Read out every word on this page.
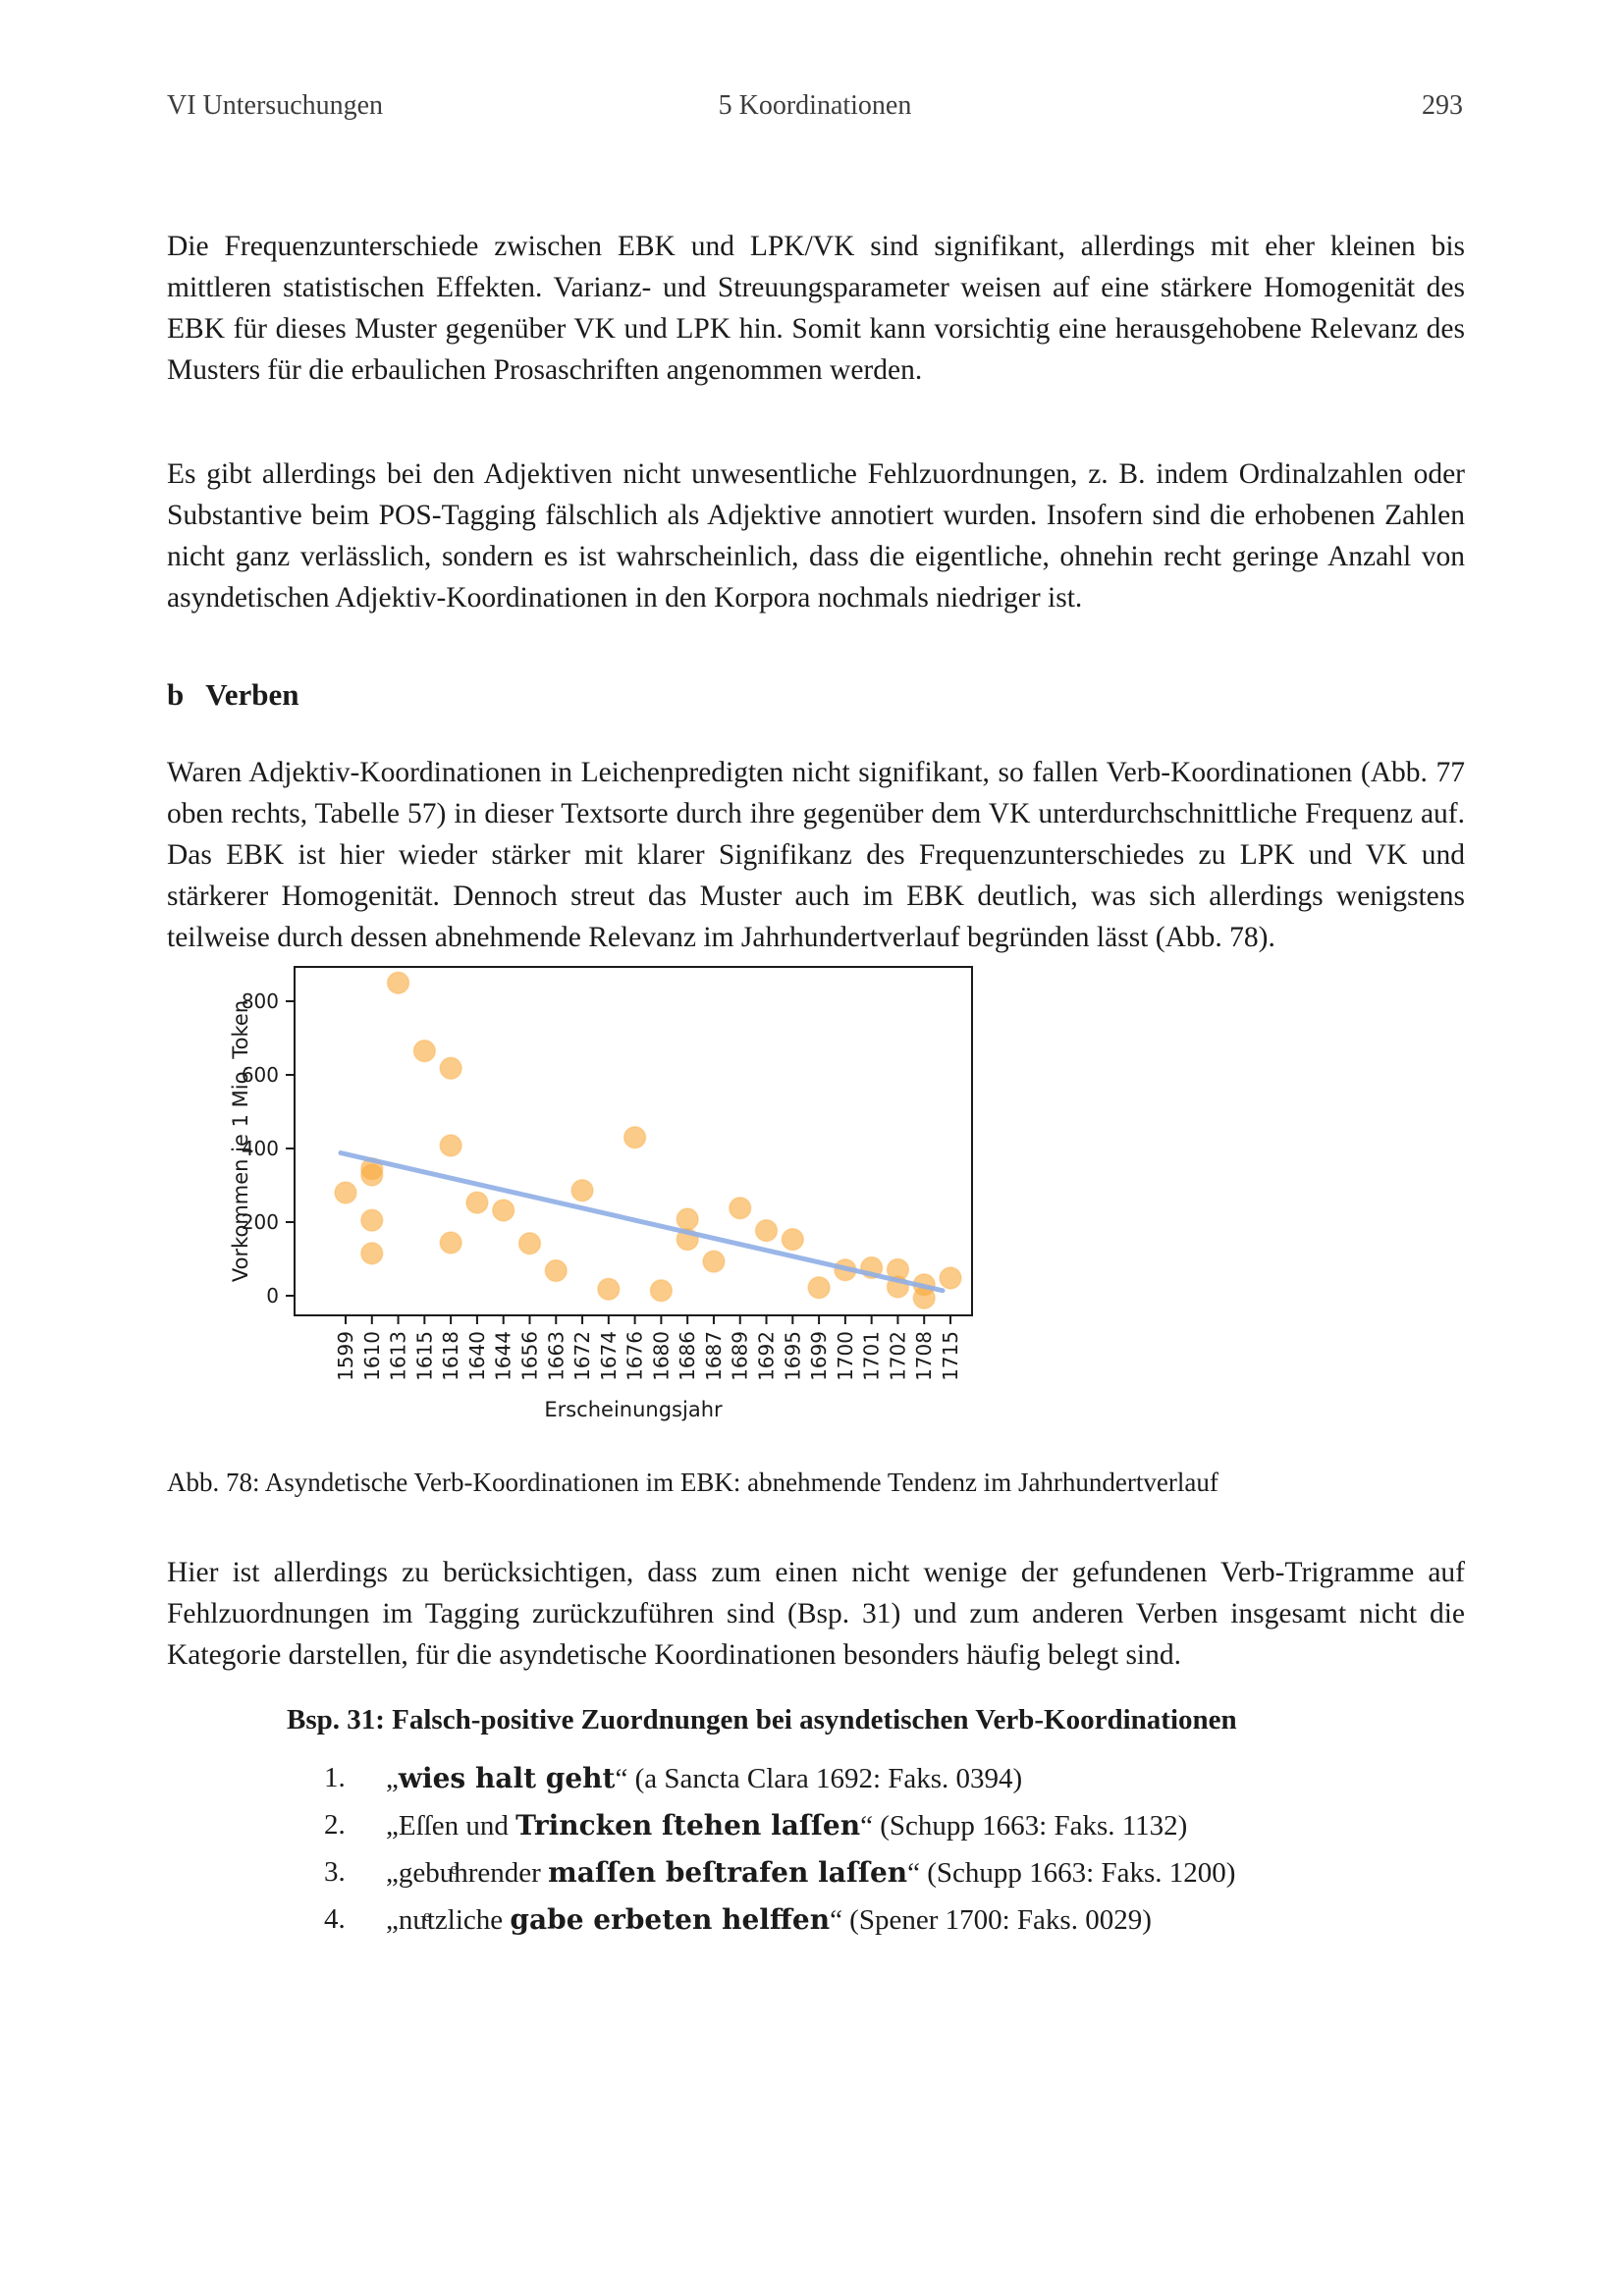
VI Untersuchungen	5 Koordinationen	293

Die Frequenzunterschiede zwischen EBK und LPK/VK sind signifikant, allerdings mit eher kleinen bis mittleren statistischen Effekten. Varianz- und Streuungsparameter weisen auf eine stärkere Homogenität des EBK für dieses Muster gegenüber VK und LPK hin. Somit kann vorsichtig eine herausgehobene Relevanz des Musters für die erbaulichen Prosaschriften angenommen werden.

Es gibt allerdings bei den Adjektiven nicht unwesentliche Fehlzuordnungen, z. B. indem Ordinalzahlen oder Substantive beim POS-Tagging fälschlich als Adjektive annotiert wurden. Insofern sind die erhobenen Zahlen nicht ganz verlässlich, sondern es ist wahrscheinlich, dass die eigentliche, ohnehin recht geringe Anzahl von asyndetischen Adjektiv-Koordinationen in den Korpora nochmals niedriger ist.

b Verben

Waren Adjektiv-Koordinationen in Leichenpredigten nicht signifikant, so fallen Verb-Koordinationen (Abb. 77 oben rechts, Tabelle 57) in dieser Textsorte durch ihre gegenüber dem VK unterdurchschnittliche Frequenz auf. Das EBK ist hier wieder stärker mit klarer Signifikanz des Frequenzunterschiedes zu LPK und VK und stärkerer Homogenität. Dennoch streut das Muster auch im EBK deutlich, was sich allerdings wenigstens teilweise durch dessen abnehmende Relevanz im Jahrhundertverlauf begründen lässt (Abb. 78).

0
200
400
600
800
1599 1610 1613 1615 1618 1640 1644 1656 1663 1672 1674 1676 1680 1686 1687 1689 1692 1695 1699 1700 1701 1702 1708 1715
Erscheinungsjahr
Vorkommen je 1 Mio. Token

Abb. 78: Asyndetische Verb-Koordinationen im EBK: abnehmende Tendenz im Jahrhundertverlauf

Hier ist allerdings zu berücksichtigen, dass zum einen nicht wenige der gefundenen Verb-Trigramme auf Fehlzuordnungen im Tagging zurückzuführen sind (Bsp. 31) und zum anderen Verben insgesamt nicht die Kategorie darstellen, für die asyndetische Koordinationen besonders häufig belegt sind.

Bsp. 31: Falsch-positive Zuordnungen bei asyndetischen Verb-Koordinationen
1. „wies halt geht“ (a Sancta Clara 1692: Faks. 0394)
2. „Eſſen und Trincken ſtehen laſſen“ (Schupp 1663: Faks. 1132)
3. „gebuͤhrender maſſen beſtrafen laſſen“ (Schupp 1663: Faks. 1200)
4. „nuͤtzliche gabe erbeten helffen“ (Spener 1700: Faks. 0029)
